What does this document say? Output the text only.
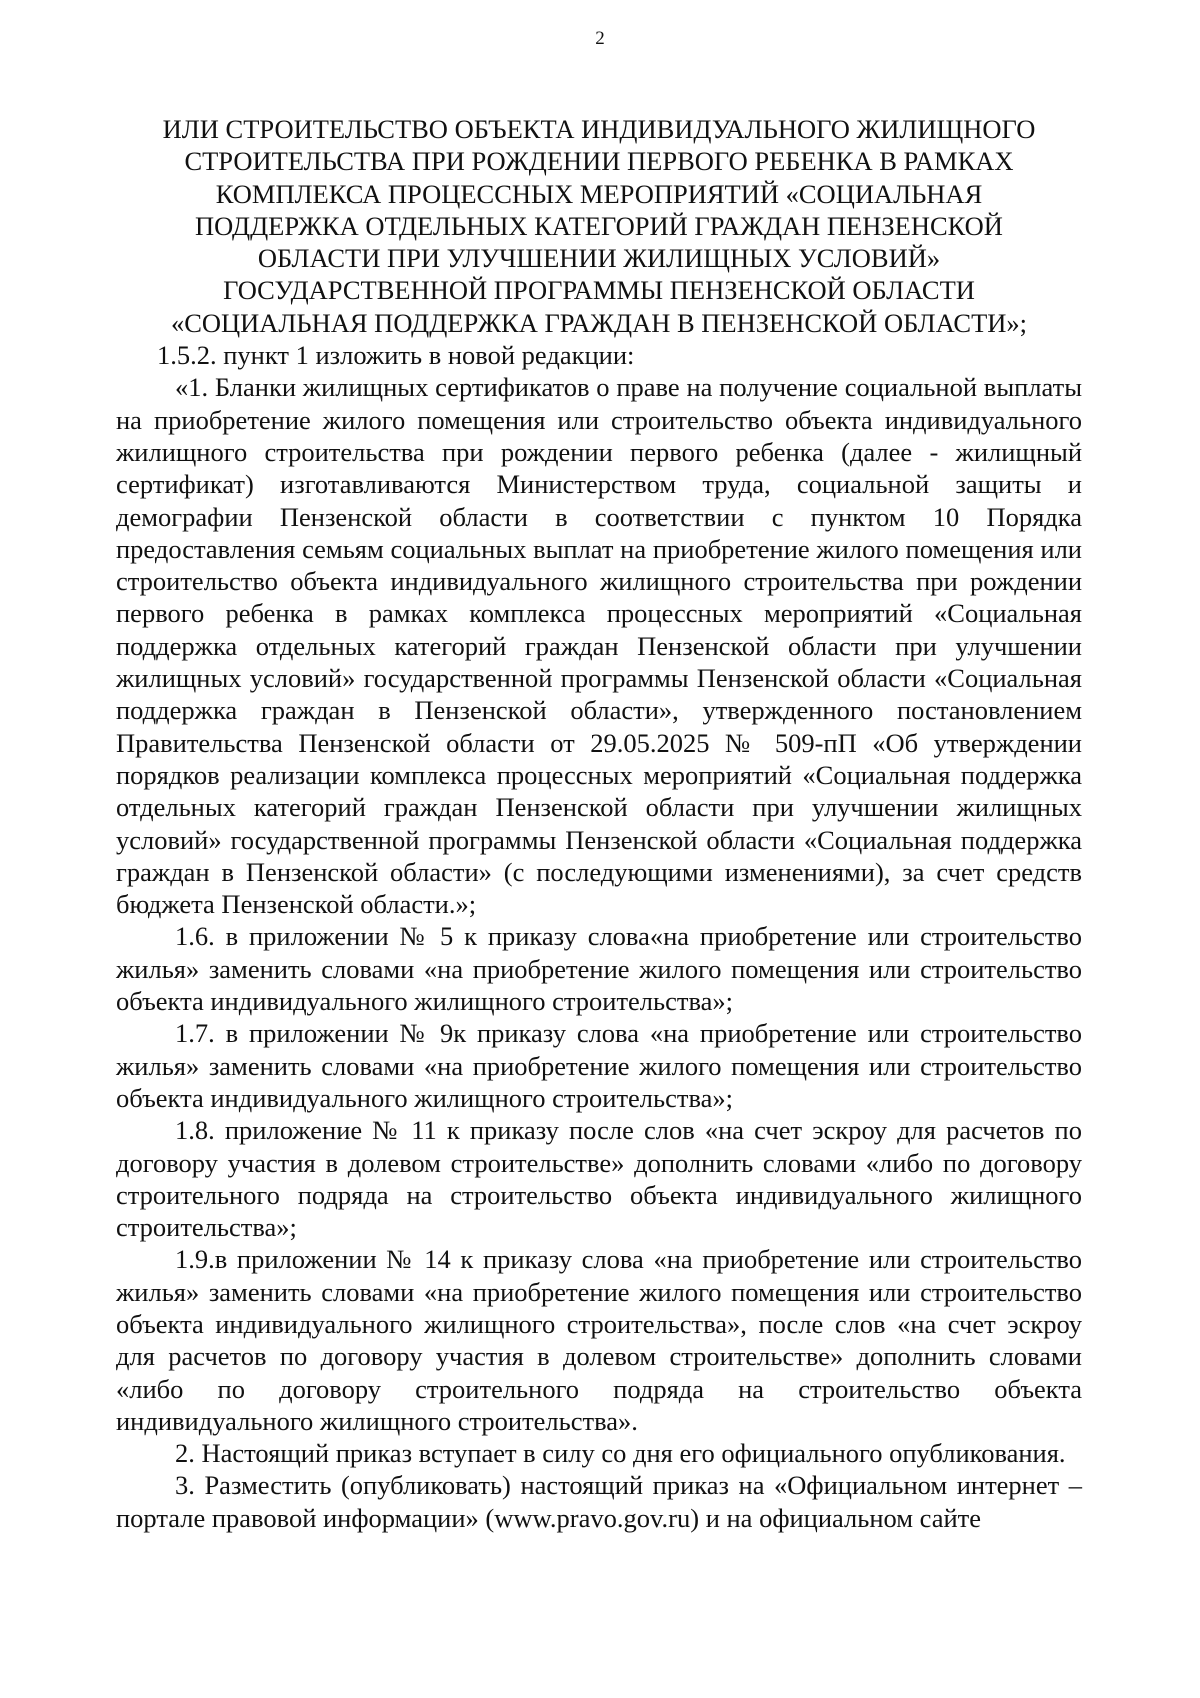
2

ИЛИ СТРОИТЕЛЬСТВО ОБЪЕКТА ИНДИВИДУАЛЬНОГО ЖИЛИЩНОГО
СТРОИТЕЛЬСТВА ПРИ РОЖДЕНИИ ПЕРВОГО РЕБЕНКА В РАМКАХ
КОМПЛЕКСА ПРОЦЕССНЫХ МЕРОПРИЯТИЙ «СОЦИАЛЬНАЯ
ПОДДЕРЖКА ОТДЕЛЬНЫХ КАТЕГОРИЙ ГРАЖДАН ПЕНЗЕНСКОЙ
ОБЛАСТИ ПРИ УЛУЧШЕНИИ ЖИЛИЩНЫХ УСЛОВИЙ»
ГОСУДАРСТВЕННОЙ ПРОГРАММЫ ПЕНЗЕНСКОЙ ОБЛАСТИ
«СОЦИАЛЬНАЯ ПОДДЕРЖКА ГРАЖДАН В ПЕНЗЕНСКОЙ ОБЛАСТИ»;

1.5.2. пункт 1 изложить в новой редакции:

«1. Бланки жилищных сертификатов о праве на получение социальной выплаты на приобретение жилого помещения или строительство объекта индивидуального жилищного строительства при рождении первого ребенка (далее - жилищный сертификат) изготавливаются Министерством труда, социальной защиты и демографии Пензенской области в соответствии с пунктом 10 Порядка предоставления семьям социальных выплат на приобретение жилого помещения или строительство объекта индивидуального жилищного строительства при рождении первого ребенка в рамках комплекса процессных мероприятий «Социальная поддержка отдельных категорий граждан Пензенской области при улучшении жилищных условий» государственной программы Пензенской области «Социальная поддержка граждан в Пензенской области», утвержденного постановлением Правительства Пензенской области от 29.05.2025 № 509-пП «Об утверждении порядков реализации комплекса процессных мероприятий «Социальная поддержка отдельных категорий граждан Пензенской области при улучшении жилищных условий» государственной программы Пензенской области «Социальная поддержка граждан в Пензенской области» (с последующими изменениями), за счет средств бюджета Пензенской области.»;

1.6. в приложении № 5 к приказу слова«на приобретение или строительство жилья» заменить словами «на приобретение жилого помещения или строительство объекта индивидуального жилищного строительства»;

1.7. в приложении № 9к приказу слова «на приобретение или строительство жилья» заменить словами «на приобретение жилого помещения или строительство объекта индивидуального жилищного строительства»;

1.8. приложение № 11 к приказу после слов «на счет эскроу для расчетов по договору участия в долевом строительстве» дополнить словами «либо по договору строительного подряда на строительство объекта индивидуального жилищного строительства»;

1.9.в приложении № 14 к приказу слова «на приобретение или строительство жилья» заменить словами «на приобретение жилого помещения или строительство объекта индивидуального жилищного строительства», после слов «на счет эскроу для расчетов по договору участия в долевом строительстве» дополнить словами «либо по договору строительного подряда на строительство объекта индивидуального жилищного строительства».

2. Настоящий приказ вступает в силу со дня его официального опубликования.

3. Разместить (опубликовать) настоящий приказ на «Официальном интернет – портале правовой информации» (www.pravo.gov.ru) и на официальном сайте
